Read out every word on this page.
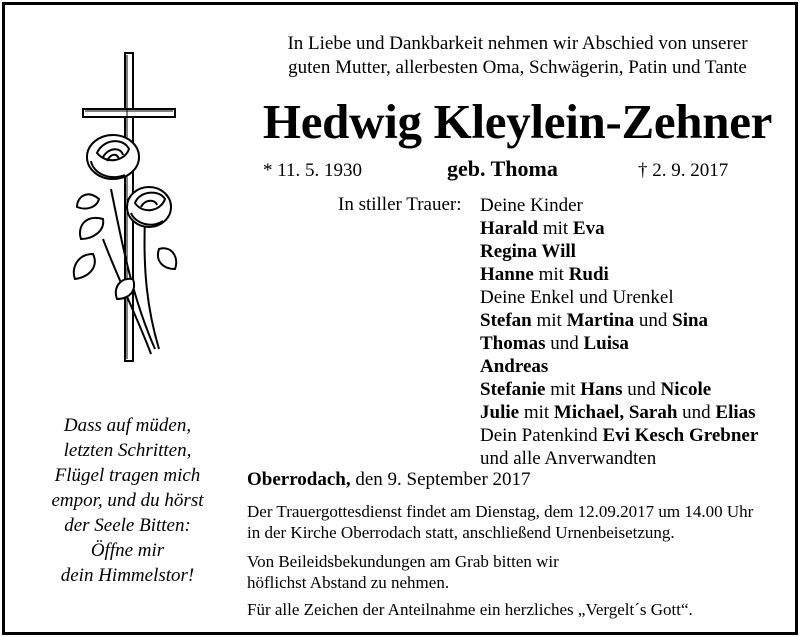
In Liebe und Dankbarkeit nehmen wir Abschied von unserer
guten Mutter, allerbesten Oma, Schwägerin, Patin und Tante
Hedwig Kleylein-Zehner
* 11. 5. 1930	geb. Thoma	† 2. 9. 2017
In stiller Trauer: Deine Kinder
Harald mit Eva
Regina Will
Hanne mit Rudi
Deine Enkel und Urenkel
Stefan mit Martina und Sina
Thomas und Luisa
Andreas
Stefanie mit Hans und Nicole
Julie mit Michael, Sarah und Elias
Dein Patenkind Evi Kesch Grebner
und alle Anverwandten
Oberrodach, den 9. September 2017
Der Trauergottesdienst findet am Dienstag, dem 12.09.2017 um 14.00 Uhr
in der Kirche Oberrodach statt, anschließend Urnenbeisetzung.
Von Beileidsbekundungen am Grab bitten wir
höflichst Abstand zu nehmen.
Für alle Zeichen der Anteilnahme ein herzliches „Vergelt´s Gott“.
Dass auf müden,
letzten Schritten,
Flügel tragen mich
empor, und du hörst
der Seele Bitten:
Öffne mir
dein Himmelstor!
